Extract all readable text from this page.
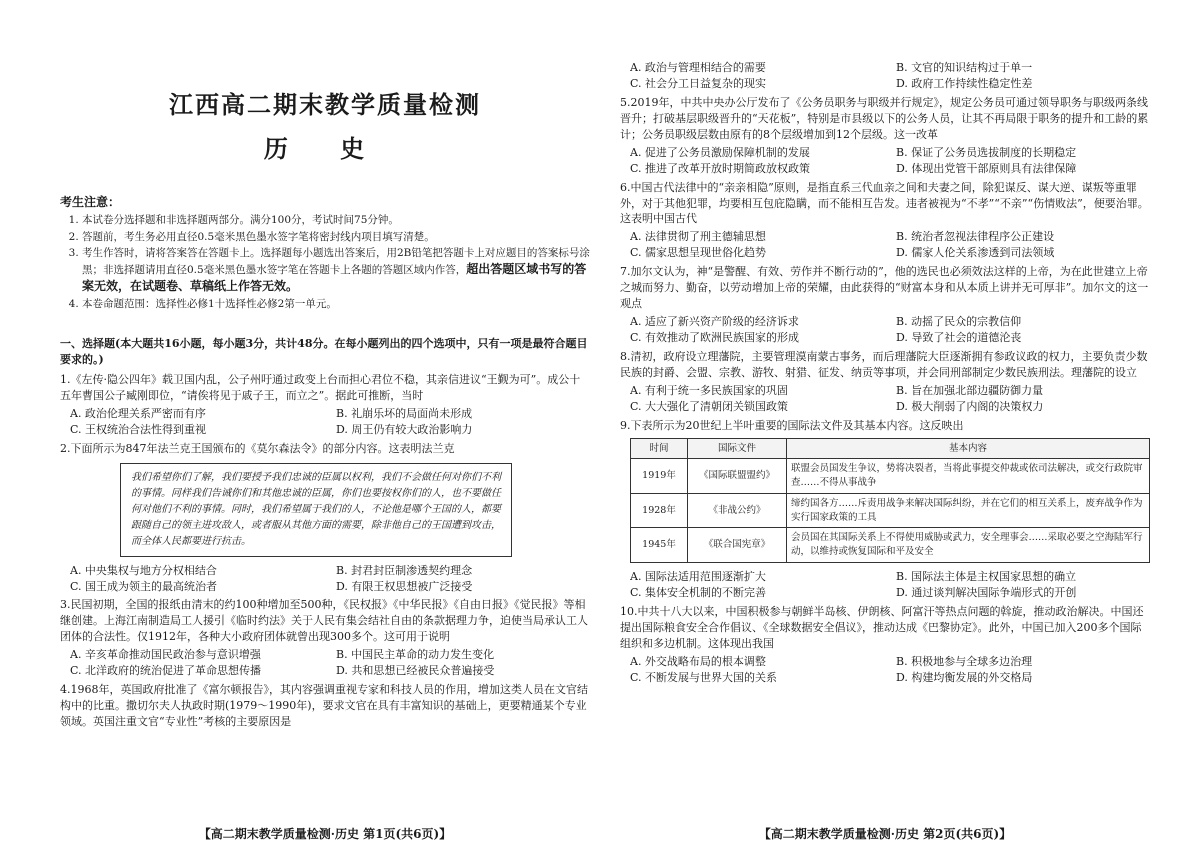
江西高二期末教学质量检测
历 史
考生注意：
1. 本试卷分选择题和非选择题两部分。满分100分，考试时间75分钟。
2. 答题前，考生务必用直径0.5毫米黑色墨水签字笔将密封线内项目填写清楚。
3. 考生作答时，请将答案答在答题卡上。选择题每小题选出答案后，用2B铅笔把答题卡上对应题目的答案标号涂黑；非选择题请用直径0.5毫米黑色墨水签字笔在答题卡上各题的答题区域内作答，超出答题区域书写的答案无效，在试题卷、草稿纸上作答无效。
4. 本卷命题范围：选择性必修1十选择性必修2第一单元。
一、选择题(本大题共16小题，每小题3分，共计48分。在每小题列出的四个选项中，只有一项是最符合题目要求的。)
1.《左传·隐公四年》载卫国内乱，公子州吁通过政变上台而担心君位不稳，其亲信进议“王觐为可”。成公十五年曹国公子臧刚即位，“请俟将见于戚子王，而立之”。据此可推断，当时
A. 政治伦理关系严密而有序	B. 礼崩乐坏的局面尚未形成
C. 王权统治合法性得到重视	D. 周王仍有较大政治影响力
2.下面所示为847年法兰克王国颁布的《莫尔森法令》的部分内容。这表明法兰克
我们希望你们了解，我们要授予我们忠诚的臣属以权利，我们不会做任何对你们不利的事情。同样我们告诫你们和其他忠诚的臣属，你们也要按权你们的人，也不要做任何对他们不利的事情。同时，我们希望属于我们的人，不论他是哪个王国的人，都要跟随自己的领主进攻敌人，或者服从其他方面的需要，除非他自己的王国遭到攻击，而全体人民都要进行抗击。
A. 中央集权与地方分权相结合	B. 封君封臣制渗透契约理念
C. 国王成为领主的最高统治者	D. 有限王权思想被广泛接受
3.民国初期，全国的报纸由清末的约100种增加至500种，《民权报》《中华民报》《自由日报》《觉民报》等相继创建。上海江南制造局工人援引《临时约法》关于人民有集会结社自由的条款据理力争，迫使当局承认工人团体的合法性。仅1912年，各种大小政府团体就曾出现300多个。这可用于说明
A. 辛亥革命推动国民政治参与意识增强	B. 中国民主革命的动力发生变化
C. 北洋政府的统治促进了革命思想传播	D. 共和思想已经被民众普遍接受
4.1968年，英国政府批准了《富尔顿报告》，其内容强调重视专家和科技人员的作用，增加这类人员在文官结构中的比重。撒切尔夫人执政时期(1979～1990年)，要求文官在具有丰富知识的基础上，更要精通某个专业领域。英国注重文官“专业性”考核的主要原因是
【高二期末教学质量检测·历史 第1页(共6页)】
A. 政治与管理相结合的需要	B. 文官的知识结构过于单一
C. 社会分工日益复杂的现实	D. 政府工作持续性稳定性差
5.2019年，中共中央办公厅发布了《公务员职务与职级并行规定》，规定公务员可通过领导职务与职级两条线晋升；打破基层职级晋升的“天花板”，特别是市县级以下的公务人员，让其不再局限于职务的提升和工龄的累计；公务员职级层数由原有的8个层级增加到12个层级。这一改革
A. 促进了公务员激励保障机制的发展	B. 保证了公务员选拔制度的长期稳定
C. 推进了改革开放时期简政放权政策	D. 体现出党管干部原则具有法律保障
6.中国古代法律中的“亲亲相隐”原则，是指直系三代血亲之间和夫妻之间，除犯谋反、谋大逆、谋叛等重罪外，对于其他犯罪，均要相互包庇隐瞒，而不能相互告发。违者被视为“不孝”“不亲”“伤情败法”，便要治罪。这表明中国古代
A. 法律贯彻了刑主德辅思想	B. 统治者忽视法律程序公正建设
C. 儒家思想呈现世俗化趋势	D. 儒家人伦关系渗透到司法领域
7.加尔文认为，神“是警醒、有效、劳作并不断行动的”，他的选民也必须效法这样的上帝，为在此世建立上帝之城而努力、勤奋，以劳动增加上帝的荣耀，由此获得的“财富本身和从本质上讲并无可厚非”。加尔文的这一观点
A. 适应了新兴资产阶级的经济诉求	B. 动摇了民众的宗教信仰
C. 有效推动了欧洲民族国家的形成	D. 导致了社会的道德沦丧
8.清初，政府设立理藩院，主要管理漠南蒙古事务，而后理藩院大臣逐渐拥有参政议政的权力，主要负责少数民族的封爵、会盟、宗教、游牧、射猎、征发、纳贡等事项，并会同刑部制定少数民族刑法。理藩院的设立
A. 有利于统一多民族国家的巩固	B. 旨在加强北部边疆防御力量
C. 大大强化了清朝闭关锁国政策	D. 极大削弱了内阁的决策权力
9.下表所示为20世纪上半叶重要的国际法文件及其基本内容。这反映出
时间	国际文件	基本内容
1919年	《国际联盟盟约》	联盟会员国发生争议，势将决裂者，当将此事提交仲裁或依司法解决，或交行政院审查……不得从事战争
1928年	《非战公约》	缔约国各方……斥责用战争来解决国际纠纷，并在它们的相互关系上，废弃战争作为实行国家政策的工具
1945年	《联合国宪章》	会员国在其国际关系上不得使用威胁或武力，安全理事会……采取必要之空海陆军行动，以维持或恢复国际和平及安全
A. 国际法适用范围逐渐扩大	B. 国际法主体是主权国家思想的确立
C. 集体安全机制的不断完善	D. 通过谈判解决国际争端形式的开创
10.中共十八大以来，中国积极参与朝鲜半岛核、伊朗核、阿富汗等热点问题的斡旋，推动政治解决。中国还提出国际粮食安全合作倡议、《全球数据安全倡议》，推动达成《巴黎协定》。此外，中国已加入200多个国际组织和多边机制。这体现出我国
A. 外交战略布局的根本调整	B. 积极地参与全球多边治理
C. 不断发展与世界大国的关系	D. 构建均衡发展的外交格局
【高二期末教学质量检测·历史 第2页(共6页)】
